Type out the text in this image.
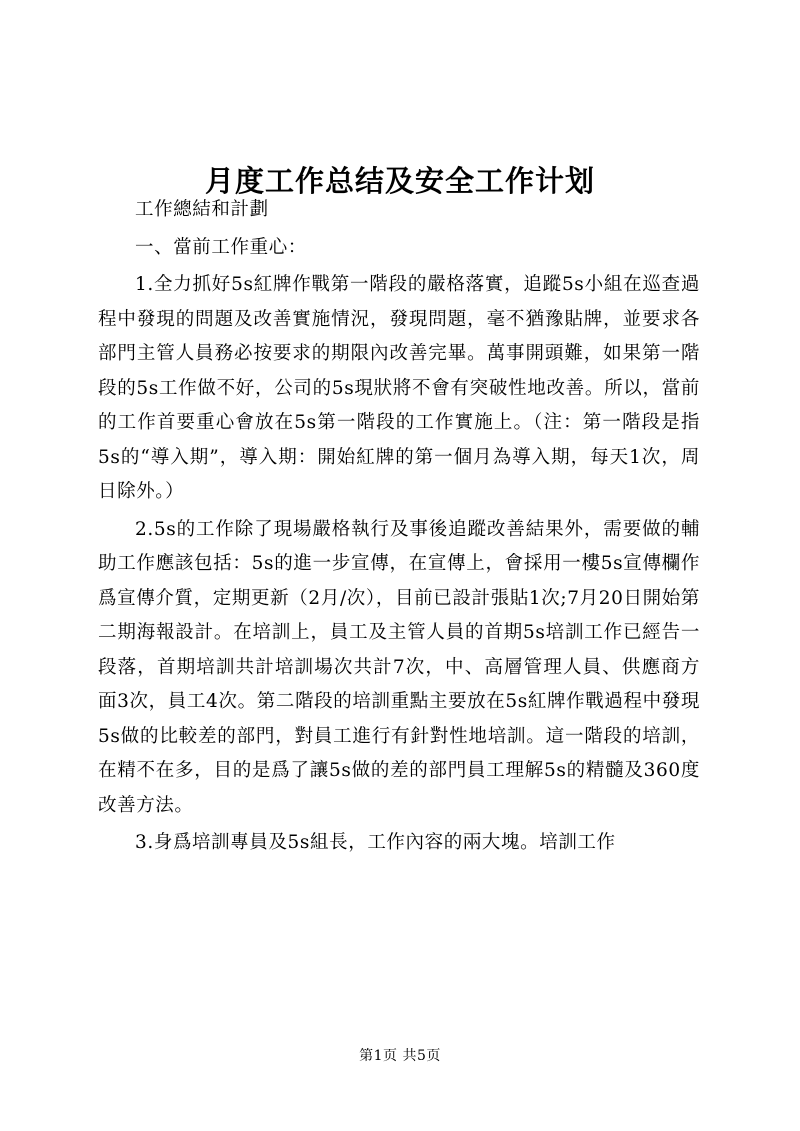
月度工作总结及安全工作计划

工作總結和計劃

一、當前工作重心：

1.全力抓好5s紅牌作戰第一階段的嚴格落實，追蹤5s小組在巡查過程中發現的問題及改善實施情況，發現問題，毫不猶豫貼牌，並要求各部門主管人員務必按要求的期限內改善完畢。萬事開頭難，如果第一階段的5s工作做不好，公司的5s現狀將不會有突破性地改善。所以，當前的工作首要重心會放在5s第一階段的工作實施上。（注：第一階段是指5s的“導入期”，導入期：開始紅牌的第一個月為導入期，每天1次，周日除外。）

2.5s的工作除了現場嚴格執行及事後追蹤改善結果外，需要做的輔助工作應該包括：5s的進一步宣傳，在宣傳上，會採用一樓5s宣傳欄作爲宣傳介質，定期更新（2月/次），目前已設計張貼1次;7月20日開始第二期海報設計。在培訓上，員工及主管人員的首期5s培訓工作已經告一段落，首期培訓共計培訓場次共計7次，中、高層管理人員、供應商方面3次，員工4次。第二階段的培訓重點主要放在5s紅牌作戰過程中發現5s做的比較差的部門，對員工進行有針對性地培訓。這一階段的培訓，在精不在多，目的是爲了讓5s做的差的部門員工理解5s的精髓及360度改善方法。

3.身爲培訓專員及5s組長，工作內容的兩大塊。培訓工作

第1页 共5页
